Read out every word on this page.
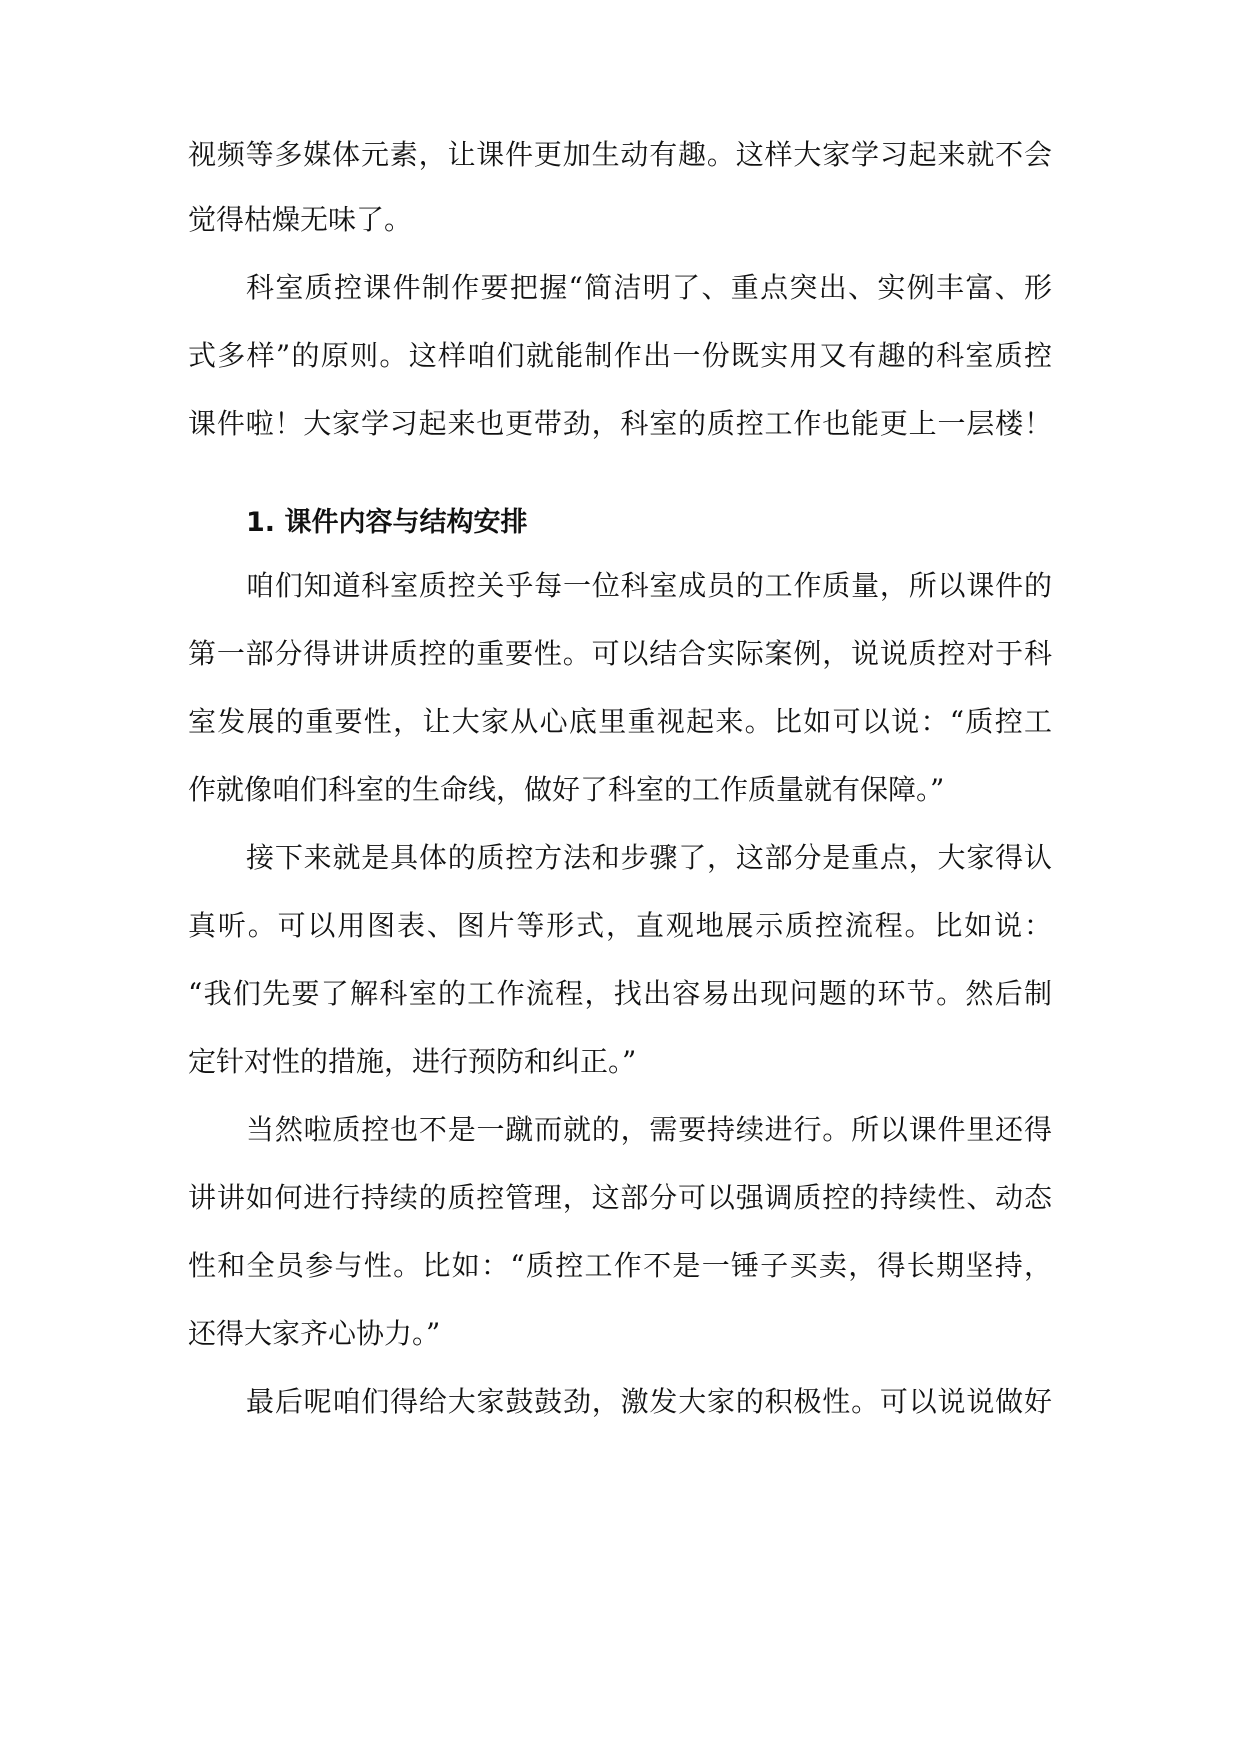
视频等多媒体元素，让课件更加生动有趣。这样大家学习起来就不会

觉得枯燥无味了。

科室质控课件制作要把握“简洁明了、重点突出、实例丰富、形

式多样”的原则。这样咱们就能制作出一份既实用又有趣的科室质控

课件啦！大家学习起来也更带劲，科室的质控工作也能更上一层楼！

1. 课件内容与结构安排

咱们知道科室质控关乎每一位科室成员的工作质量，所以课件的

第一部分得讲讲质控的重要性。可以结合实际案例，说说质控对于科

室发展的重要性，让大家从心底里重视起来。比如可以说：“质控工

作就像咱们科室的生命线，做好了科室的工作质量就有保障。”

接下来就是具体的质控方法和步骤了，这部分是重点，大家得认

真听。可以用图表、图片等形式，直观地展示质控流程。比如说：

“我们先要了解科室的工作流程，找出容易出现问题的环节。然后制

定针对性的措施，进行预防和纠正。”

当然啦质控也不是一蹴而就的，需要持续进行。所以课件里还得

讲讲如何进行持续的质控管理，这部分可以强调质控的持续性、动态

性和全员参与性。比如：“质控工作不是一锤子买卖，得长期坚持，

还得大家齐心协力。”

最后呢咱们得给大家鼓鼓劲，激发大家的积极性。可以说说做好
